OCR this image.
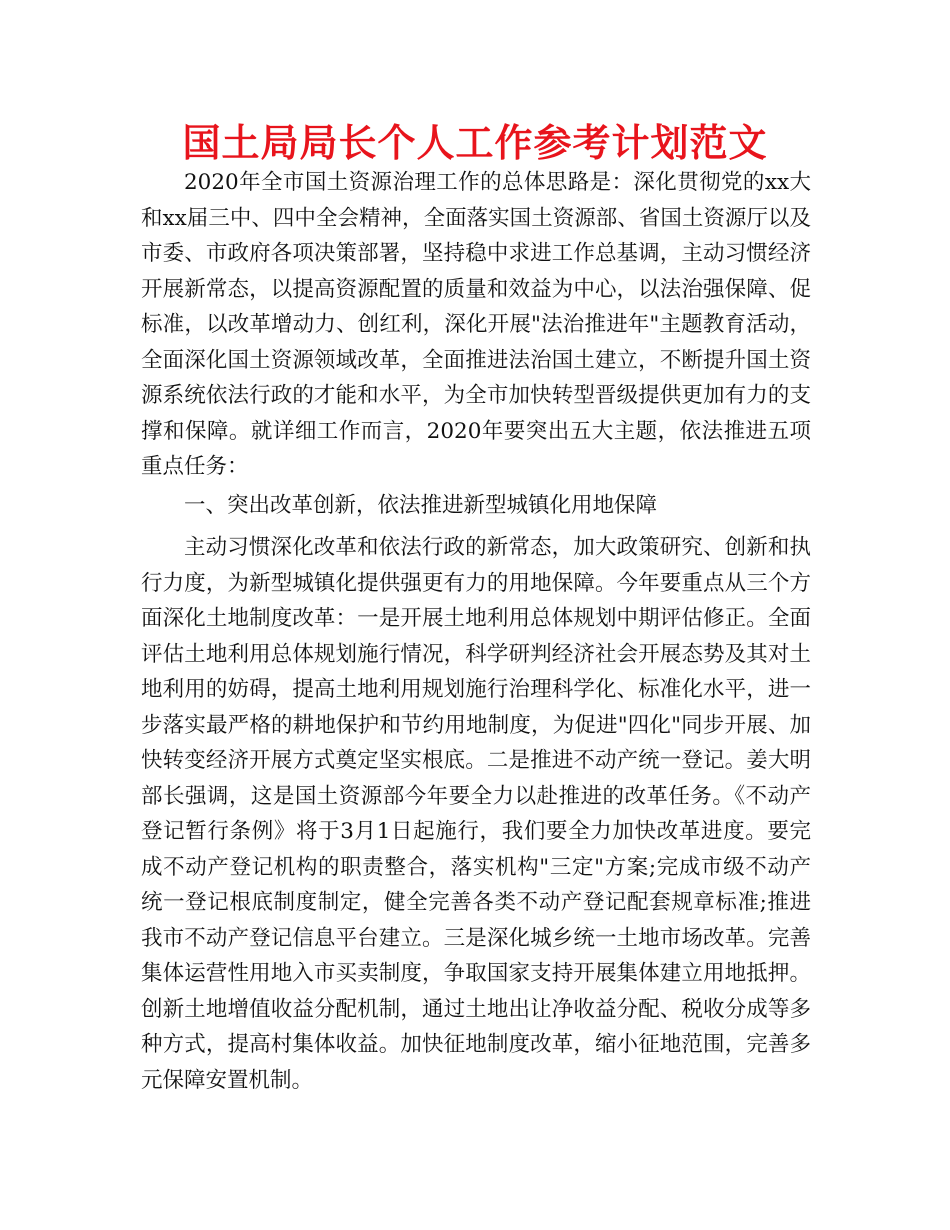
国土局局长个人工作参考计划范文

2020年全市国土资源治理工作的总体思路是：深化贯彻党的xx大和xx届三中、四中全会精神，全面落实国土资源部、省国土资源厅以及市委、市政府各项决策部署，坚持稳中求进工作总基调，主动习惯经济开展新常态，以提高资源配置的质量和效益为中心，以法治强保障、促标准，以改革增动力、创红利，深化开展"法治推进年"主题教育活动，全面深化国土资源领域改革，全面推进法治国土建立，不断提升国土资源系统依法行政的才能和水平，为全市加快转型晋级提供更加有力的支撑和保障。就详细工作而言，2020年要突出五大主题，依法推进五项重点任务：

一、突出改革创新，依法推进新型城镇化用地保障

主动习惯深化改革和依法行政的新常态，加大政策研究、创新和执行力度，为新型城镇化提供强更有力的用地保障。今年要重点从三个方面深化土地制度改革：一是开展土地利用总体规划中期评估修正。全面评估土地利用总体规划施行情况，科学研判经济社会开展态势及其对土地利用的妨碍，提高土地利用规划施行治理科学化、标准化水平，进一步落实最严格的耕地保护和节约用地制度，为促进"四化"同步开展、加快转变经济开展方式奠定坚实根底。二是推进不动产统一登记。姜大明部长强调，这是国土资源部今年要全力以赴推进的改革任务。《不动产登记暂行条例》将于3月1日起施行，我们要全力加快改革进度。要完成不动产登记机构的职责整合，落实机构"三定"方案;完成市级不动产统一登记根底制度制定，健全完善各类不动产登记配套规章标准;推进我市不动产登记信息平台建立。三是深化城乡统一土地市场改革。完善集体运营性用地入市买卖制度，争取国家支持开展集体建立用地抵押。创新土地增值收益分配机制，通过土地出让净收益分配、税收分成等多种方式，提高村集体收益。加快征地制度改革，缩小征地范围，完善多元保障安置机制。
